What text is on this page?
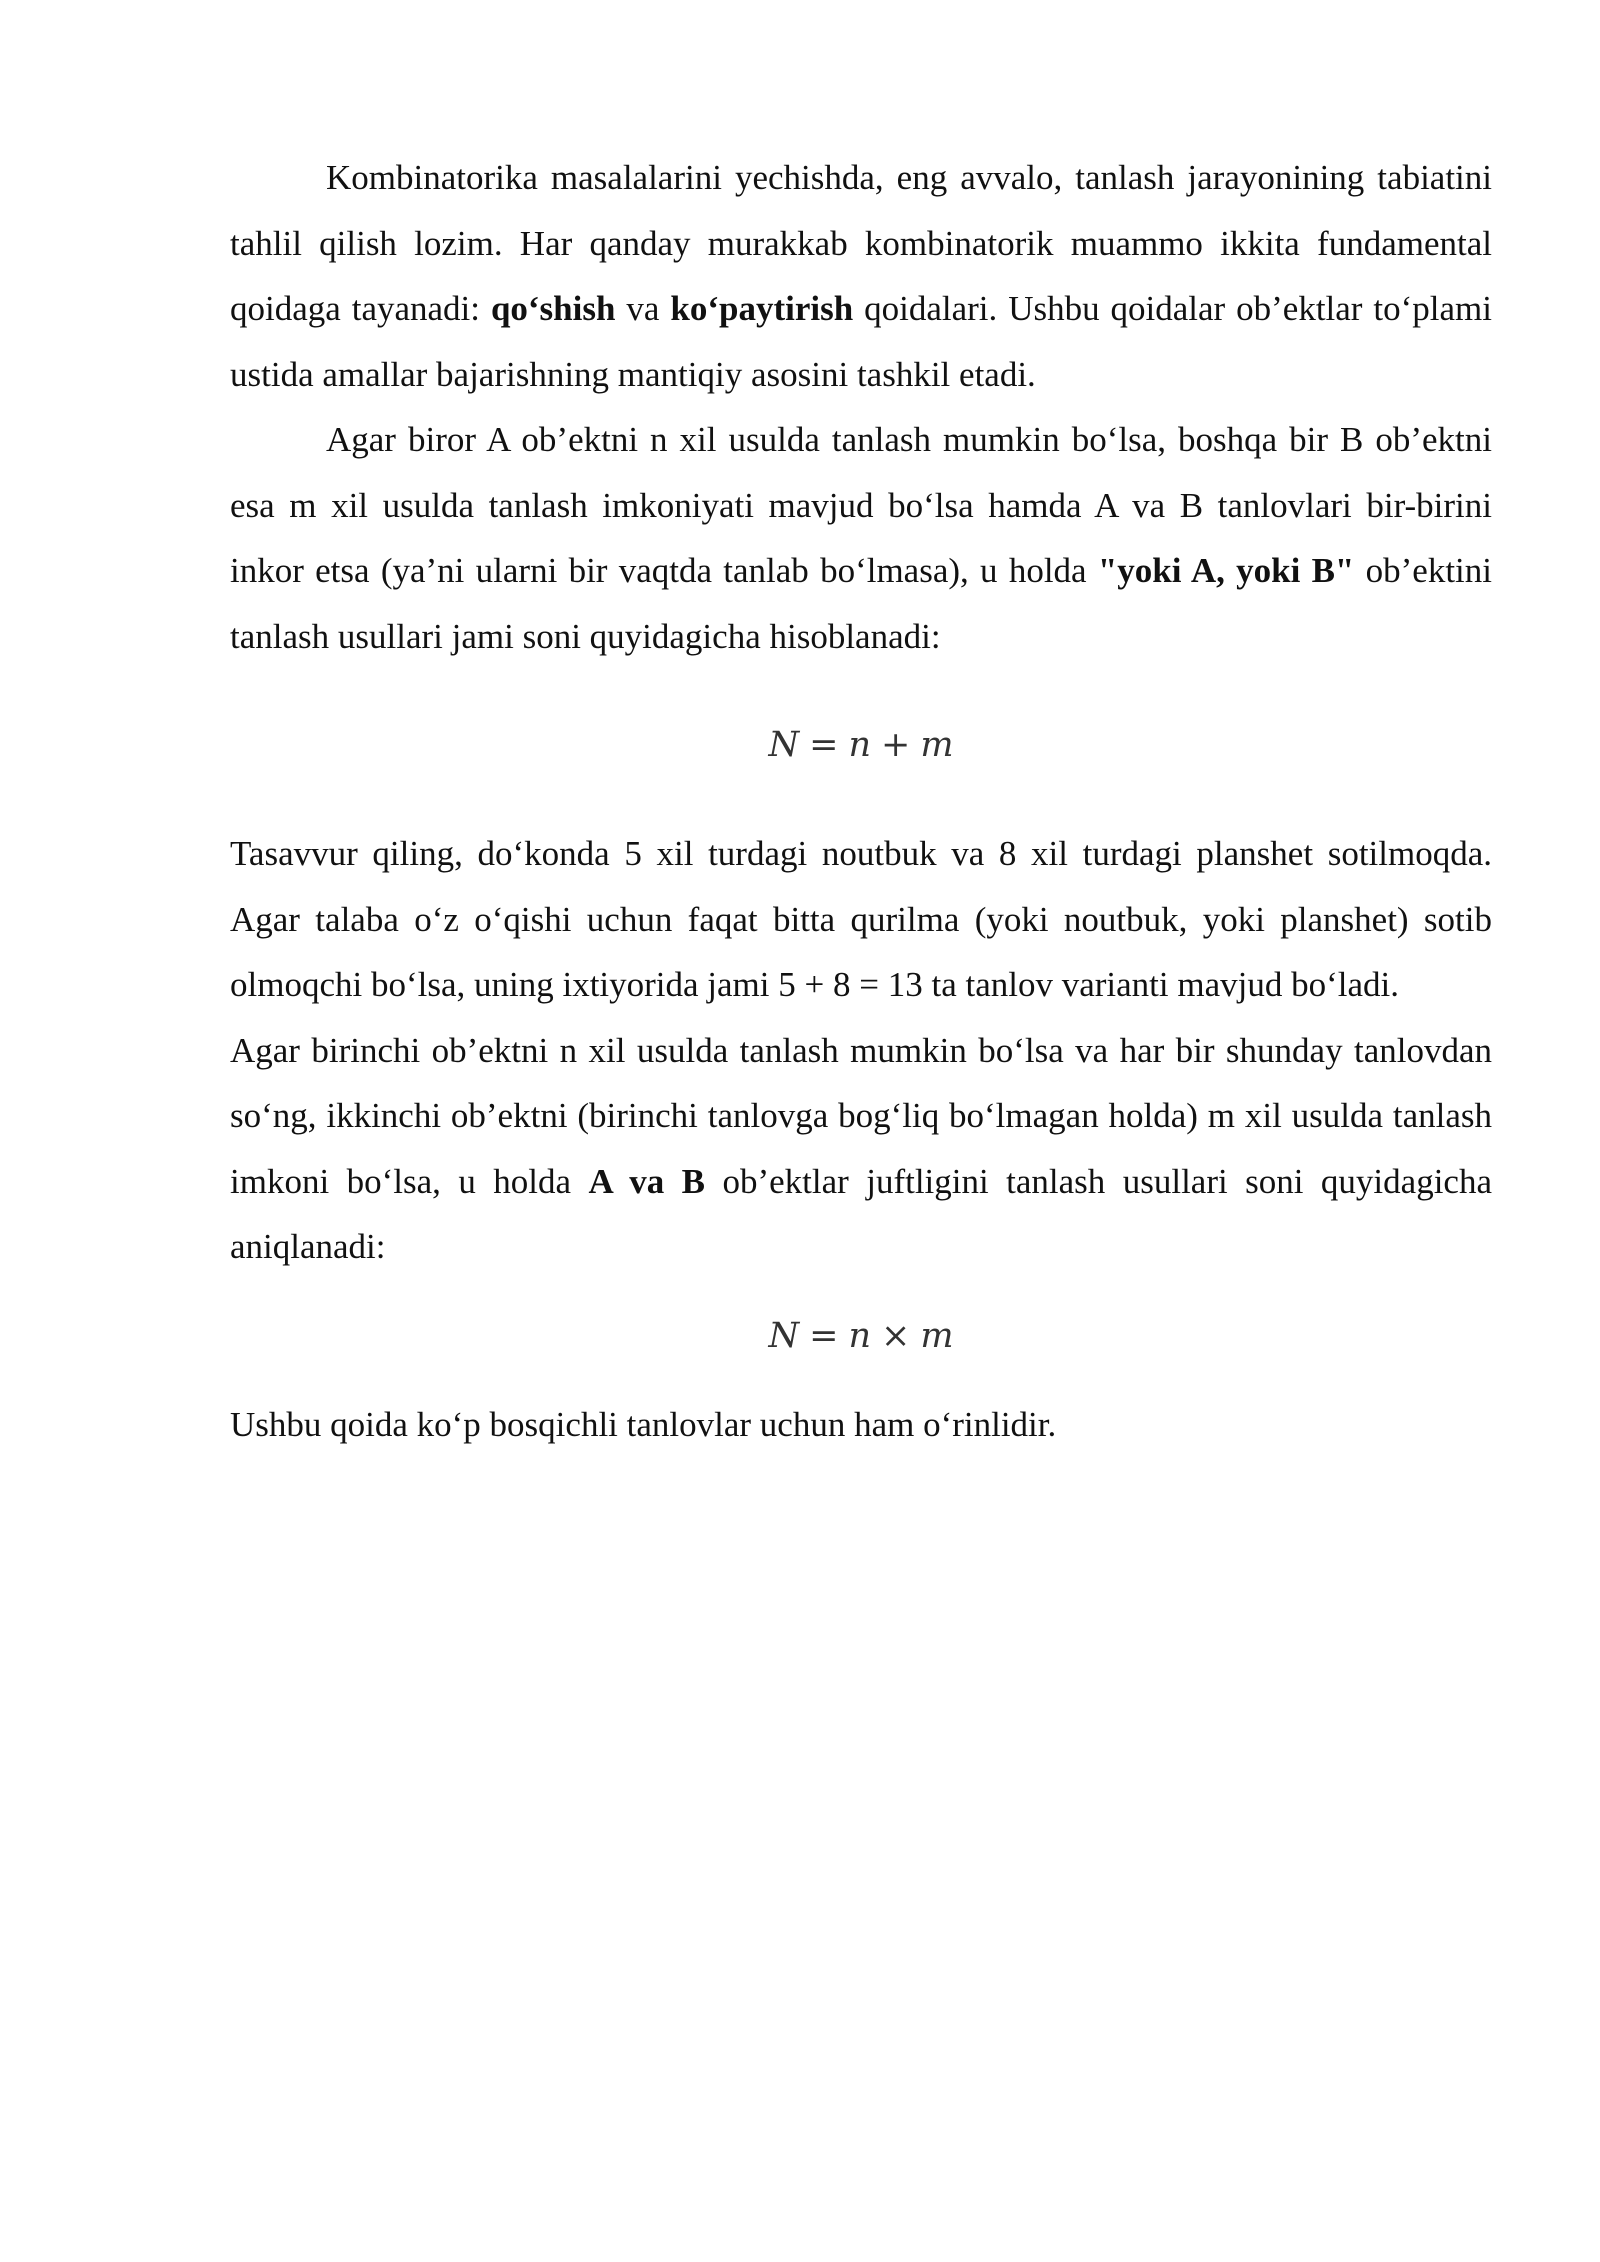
Kombinatorika masalalarini yechishda, eng avvalo, tanlash jarayonining tabiatini tahlil qilish lozim. Har qanday murakkab kombinatorik muammo ikkita fundamental qoidaga tayanadi: qo‘shish va ko‘paytirish qoidalari. Ushbu qoidalar ob’ektlar to‘plami ustida amallar bajarishning mantiqiy asosini tashkil etadi.

Agar biror A ob’ektni n xil usulda tanlash mumkin bo‘lsa, boshqa bir B ob’ektni esa m xil usulda tanlash imkoniyati mavjud bo‘lsa hamda A va B tanlovlari bir-birini inkor etsa (ya’ni ularni bir vaqtda tanlab bo‘lmasa), u holda "yoki A, yoki B" ob’ektini tanlash usullari jami soni quyidagicha hisoblanadi:

N = n + m

Tasavvur qiling, do‘konda 5 xil turdagi noutbuk va 8 xil turdagi planshet sotilmoqda. Agar talaba o‘z o‘qishi uchun faqat bitta qurilma (yoki noutbuk, yoki planshet) sotib olmoqchi bo‘lsa, uning ixtiyorida jami 5 + 8 = 13 ta tanlov varianti mavjud bo‘ladi.

Agar birinchi ob’ektni n xil usulda tanlash mumkin bo‘lsa va har bir shunday tanlovdan so‘ng, ikkinchi ob’ektni (birinchi tanlovga bog‘liq bo‘lmagan holda) m xil usulda tanlash imkoni bo‘lsa, u holda A va B ob’ektlar juftligini tanlash usullari soni quyidagicha aniqlanadi:

N = n × m

Ushbu qoida ko‘p bosqichli tanlovlar uchun ham o‘rinlidir.
